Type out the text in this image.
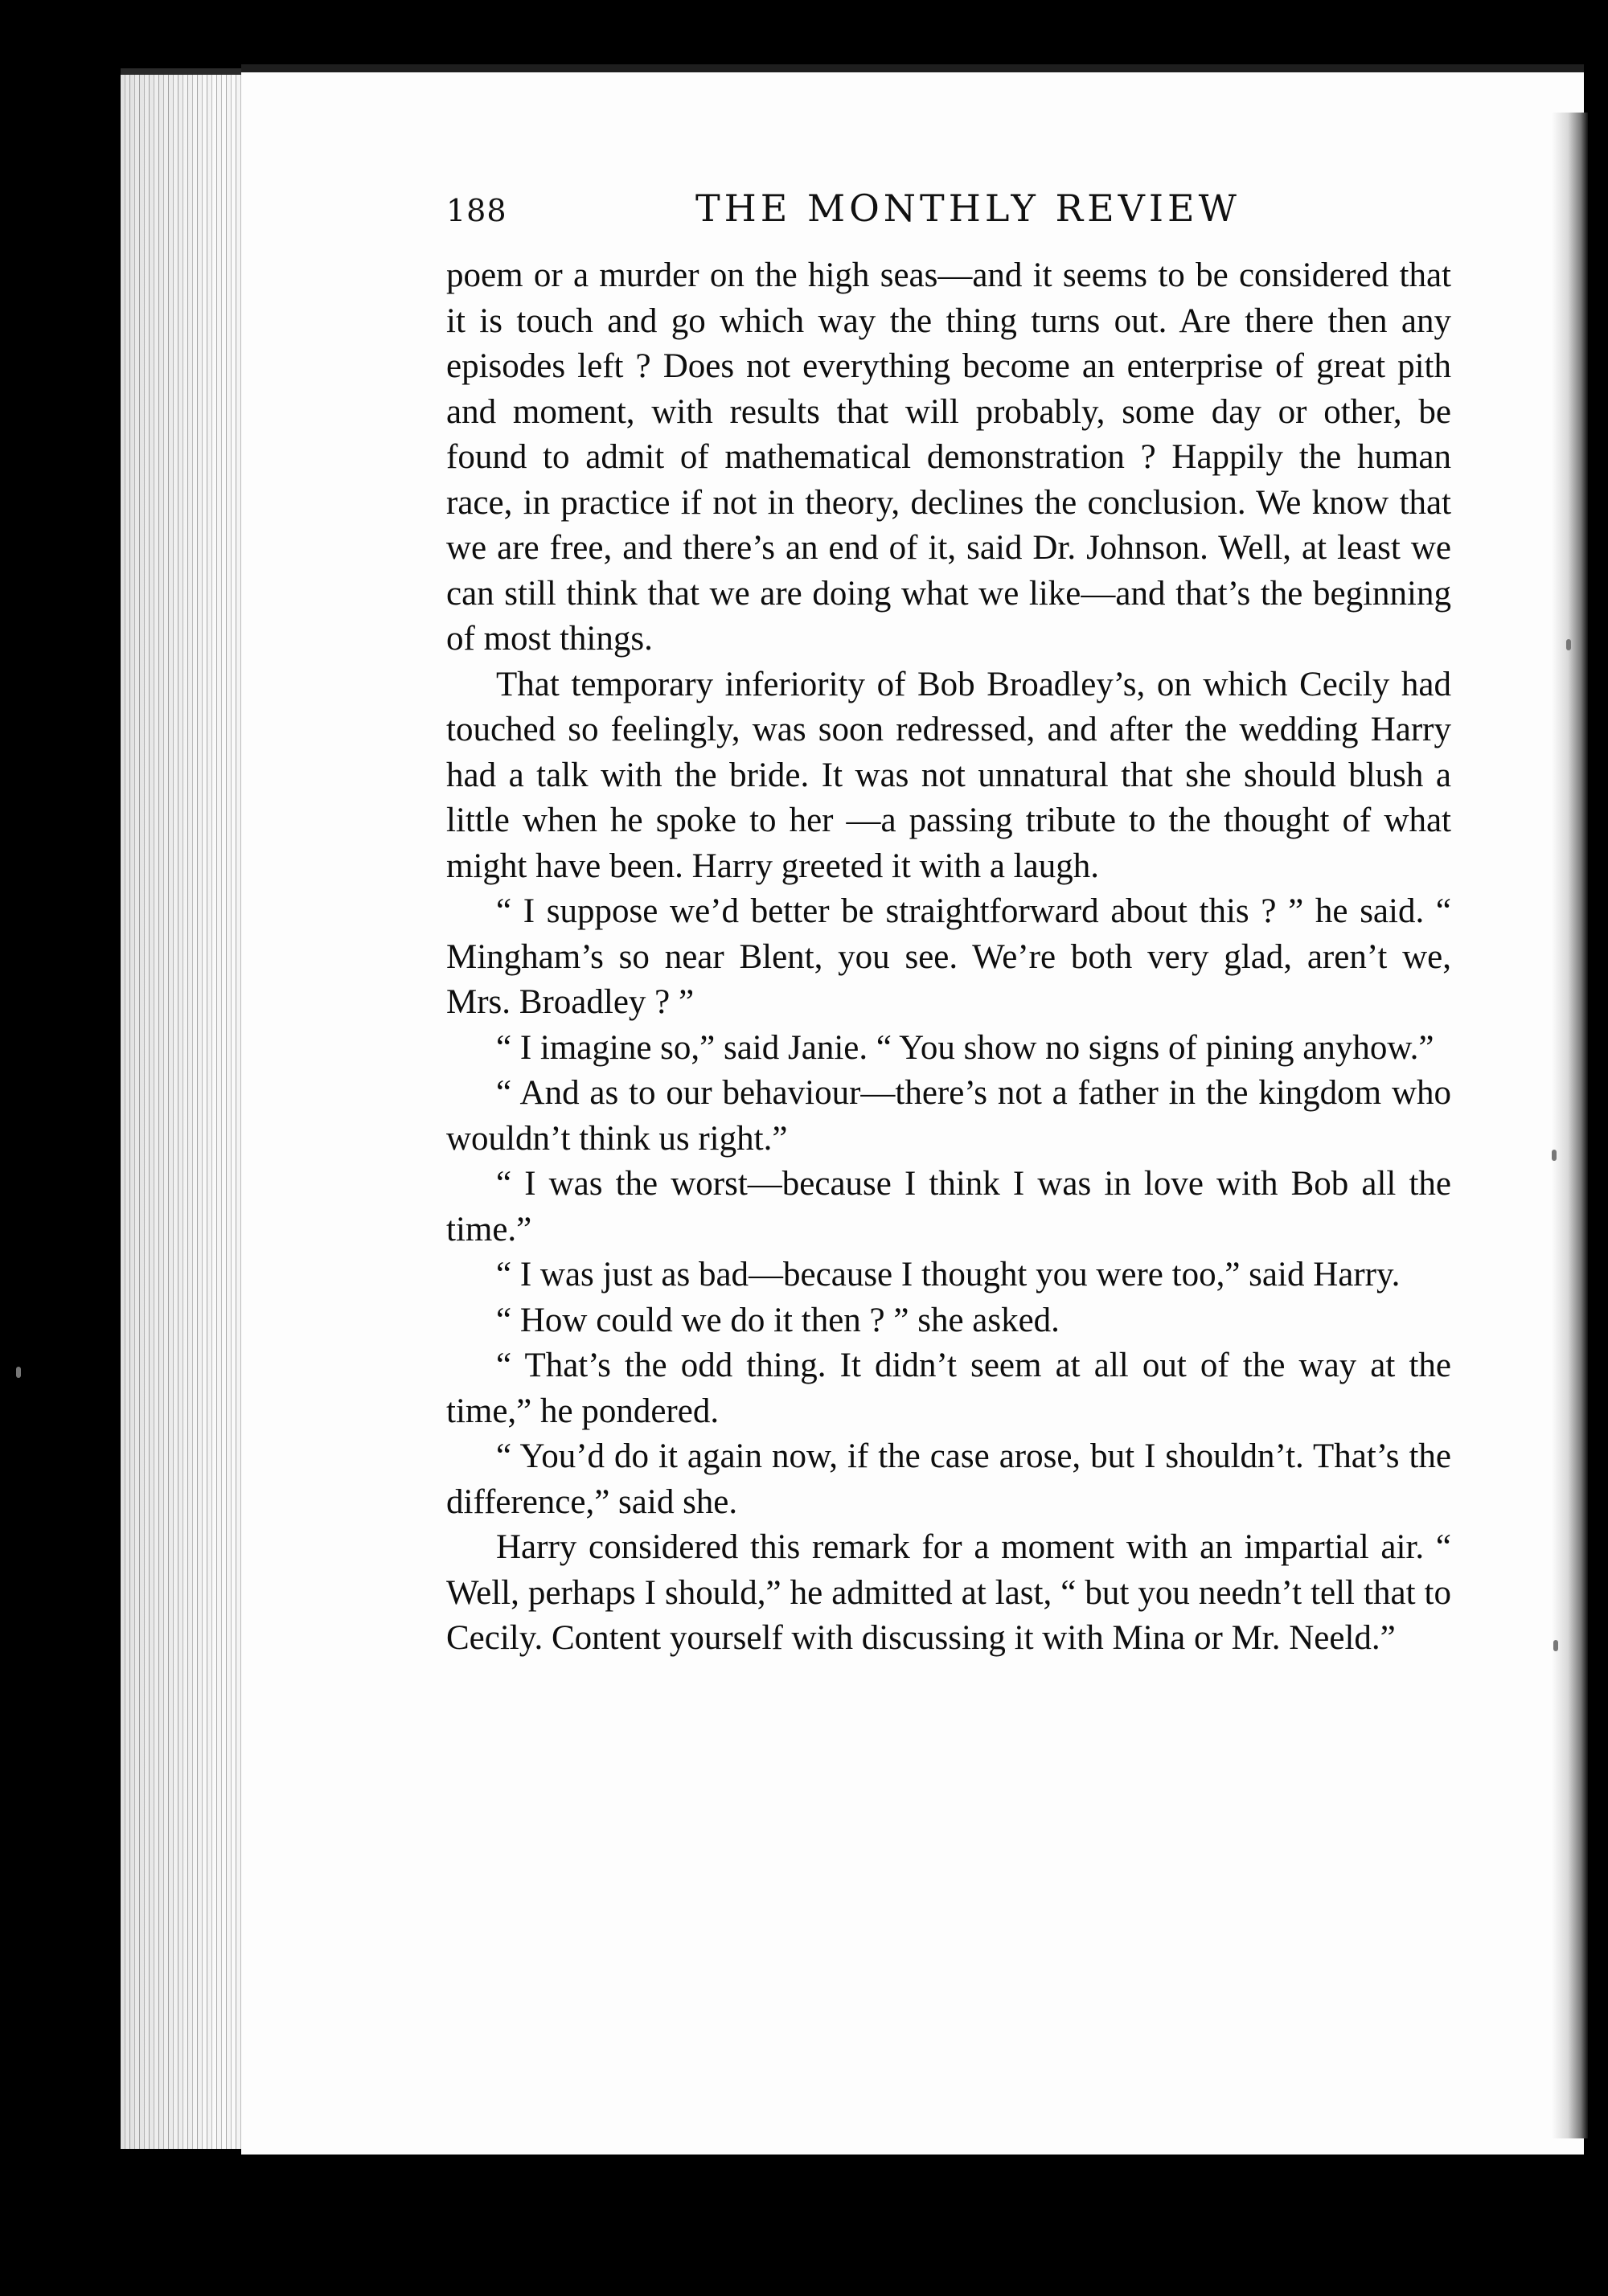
188	THE MONTHLY REVIEW

poem or a murder on the high seas—and it seems to be considered that it is touch and go which way the thing turns out. Are there then any episodes left ? Does not everything become an enterprise of great pith and moment, with results that will probably, some day or other, be found to admit of mathematical demonstration ? Happily the human race, in practice if not in theory, declines the conclusion. We know that we are free, and there’s an end of it, said Dr. Johnson. Well, at least we can still think that we are doing what we like—and that’s the beginning of most things.

That temporary inferiority of Bob Broadley’s, on which Cecily had touched so feelingly, was soon redressed, and after the wedding Harry had a talk with the bride. It was not unnatural that she should blush a little when he spoke to her —a passing tribute to the thought of what might have been. Harry greeted it with a laugh.

“ I suppose we’d better be straightforward about this ? ” he said. “ Mingham’s so near Blent, you see. We’re both very glad, aren’t we, Mrs. Broadley ? ”

“ I imagine so,” said Janie. “ You show no signs of pining anyhow.”

“ And as to our behaviour—there’s not a father in the kingdom who wouldn’t think us right.”

“ I was the worst—because I think I was in love with Bob all the time.”

“ I was just as bad—because I thought you were too,” said Harry.

“ How could we do it then ? ” she asked.

“ That’s the odd thing. It didn’t seem at all out of the way at the time,” he pondered.

“ You’d do it again now, if the case arose, but I shouldn’t. That’s the difference,” said she.

Harry considered this remark for a moment with an impartial air. “ Well, perhaps I should,” he admitted at last, “ but you needn’t tell that to Cecily. Content yourself with discussing it with Mina or Mr. Neeld.”
